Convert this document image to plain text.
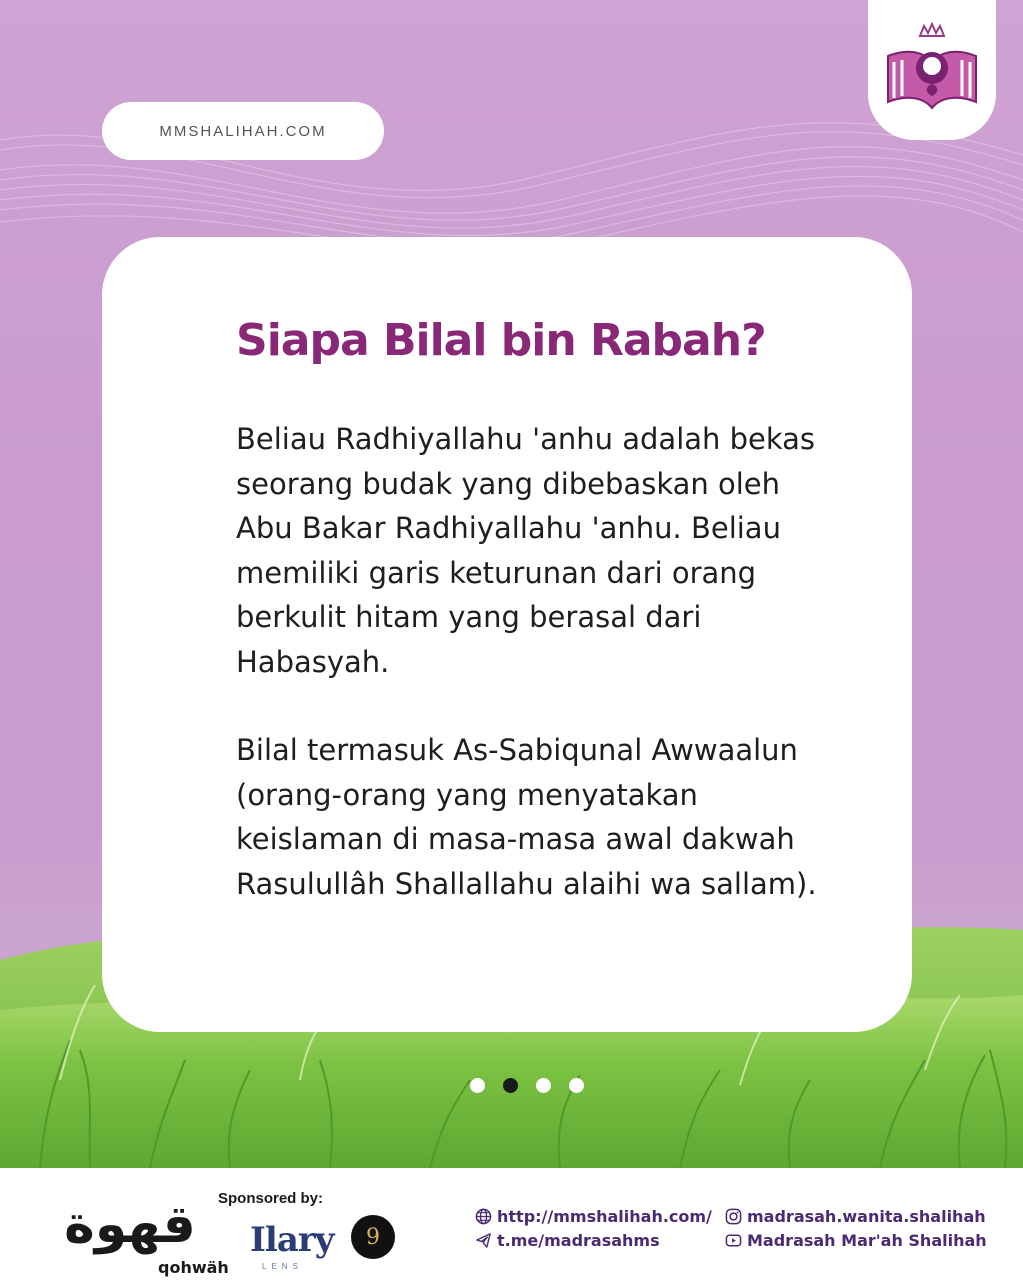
MMSHALIHAH.COM
Siapa Bilal bin Rabah?

Beliau Radhiyallahu 'anhu adalah bekas seorang budak yang dibebaskan oleh Abu Bakar Radhiyallahu 'anhu. Beliau memiliki garis keturunan dari orang berkulit hitam yang berasal dari Habasyah.

Bilal termasuk As-Sabiqunal Awwaalun (orang-orang yang menyatakan keislaman di masa-masa awal dakwah Rasulullâh Shallallahu alaihi wa sallam).

قهوة
qohwäh
Sponsored by:
Ilary
LENS
9
http://mmshalihah.com/
t.me/madrasahms
madrasah.wanita.shalihah
Madrasah Mar'ah Shalihah
